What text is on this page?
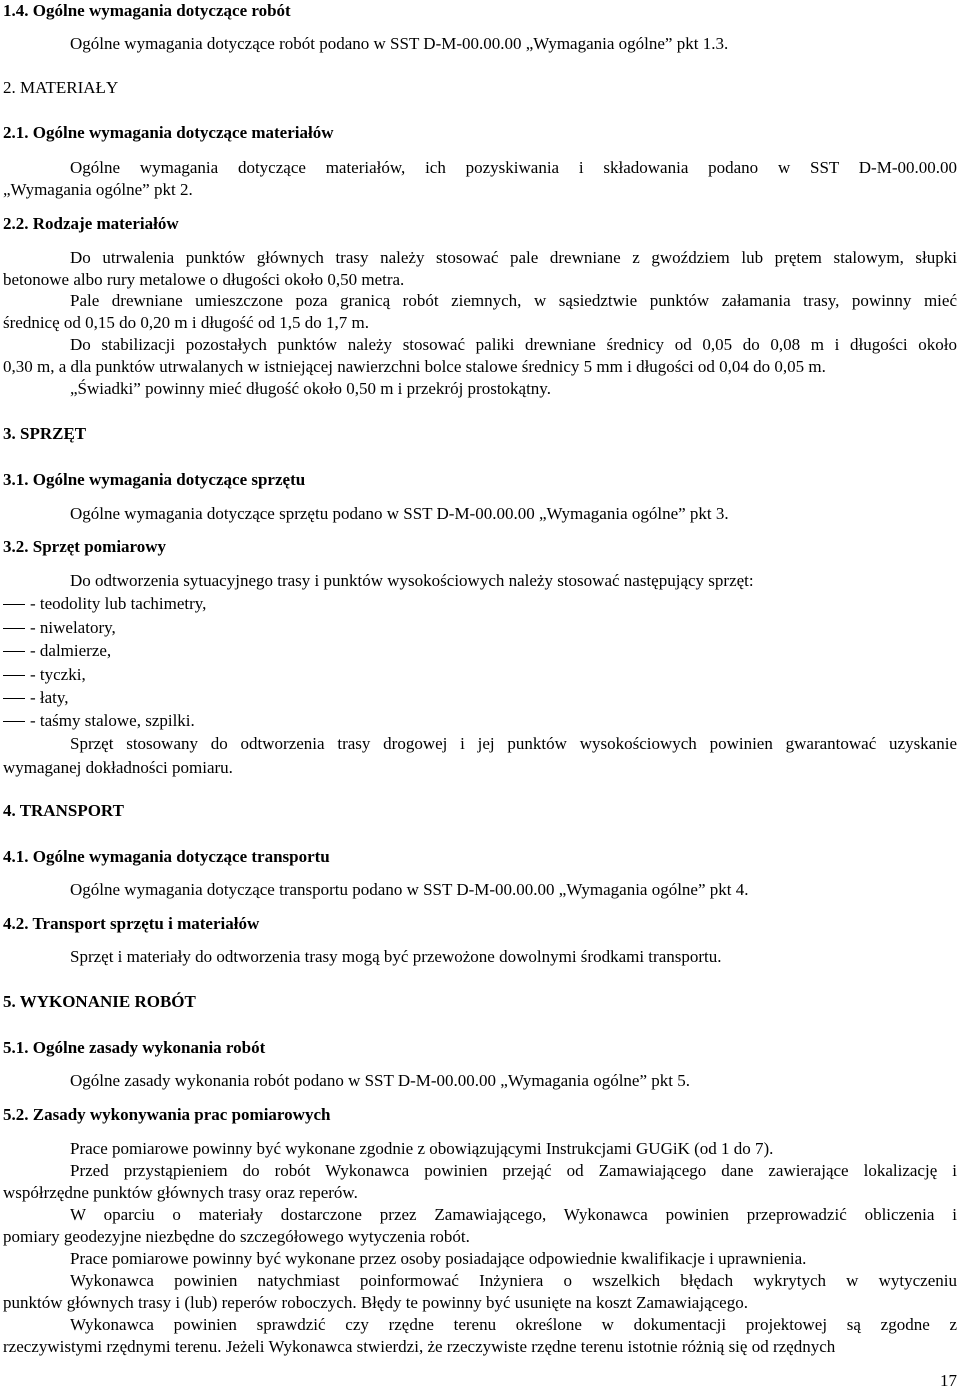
1.4. Ogólne wymagania dotyczące robót
Ogólne wymagania dotyczące robót podano w SST D-M-00.00.00 „Wymagania ogólne” pkt 1.3.
2. MATERIAŁY
2.1. Ogólne wymagania dotyczące materiałów
Ogólne wymagania dotyczące materiałów, ich pozyskiwania i składowania podano w SST D-M-00.00.00
„Wymagania ogólne” pkt 2.
2.2. Rodzaje materiałów
Do utrwalenia punktów głównych trasy należy stosować pale drewniane z gwoździem lub prętem stalowym, słupki
betonowe albo rury metalowe o długości około 0,50 metra.
Pale drewniane umieszczone poza granicą robót ziemnych, w sąsiedztwie punktów załamania trasy, powinny mieć
średnicę od 0,15 do 0,20 m i długość od 1,5 do 1,7 m.
Do stabilizacji pozostałych punktów należy stosować paliki drewniane średnicy od 0,05 do 0,08 m i długości około
0,30 m, a dla punktów utrwalanych w istniejącej nawierzchni bolce stalowe średnicy 5 mm i długości od 0,04 do 0,05 m.
„Świadki” powinny mieć długość około 0,50 m i przekrój prostokątny.
3. SPRZĘT
3.1. Ogólne wymagania dotyczące sprzętu
Ogólne wymagania dotyczące sprzętu podano w SST D-M-00.00.00 „Wymagania ogólne” pkt 3.
3.2. Sprzęt pomiarowy
Do odtworzenia sytuacyjnego trasy i punktów wysokościowych należy stosować następujący sprzęt:
- teodolity lub tachimetry,
- niwelatory,
- dalmierze,
- tyczki,
- łaty,
- taśmy stalowe, szpilki.
Sprzęt stosowany do odtworzenia trasy drogowej i jej punktów wysokościowych powinien gwarantować uzyskanie
wymaganej dokładności pomiaru.
4. TRANSPORT
4.1. Ogólne wymagania dotyczące transportu
Ogólne wymagania dotyczące transportu podano w SST D-M-00.00.00 „Wymagania ogólne” pkt 4.
4.2. Transport sprzętu i materiałów
Sprzęt i materiały do odtworzenia trasy mogą być przewożone dowolnymi środkami transportu.
5. WYKONANIE ROBÓT
5.1. Ogólne zasady wykonania robót
Ogólne zasady wykonania robót podano w SST D-M-00.00.00 „Wymagania ogólne” pkt 5.
5.2. Zasady wykonywania prac pomiarowych
Prace pomiarowe powinny być wykonane zgodnie z obowiązującymi Instrukcjami GUGiK (od 1 do 7).
Przed przystąpieniem do robót Wykonawca powinien przejąć od Zamawiającego dane zawierające lokalizację i
współrzędne punktów głównych trasy oraz reperów.
W oparciu o materiały dostarczone przez Zamawiającego, Wykonawca powinien przeprowadzić obliczenia i
pomiary geodezyjne niezbędne do szczegółowego wytyczenia robót.
Prace pomiarowe powinny być wykonane przez osoby posiadające odpowiednie kwalifikacje i uprawnienia.
Wykonawca powinien natychmiast poinformować Inżyniera o wszelkich błędach wykrytych w wytyczeniu
punktów głównych trasy i (lub) reperów roboczych. Błędy te powinny być usunięte na koszt Zamawiającego.
Wykonawca powinien sprawdzić czy rzędne terenu określone w dokumentacji projektowej są zgodne z
rzeczywistymi rzędnymi terenu. Jeżeli Wykonawca stwierdzi, że rzeczywiste rzędne terenu istotnie różnią się od rzędnych
17
